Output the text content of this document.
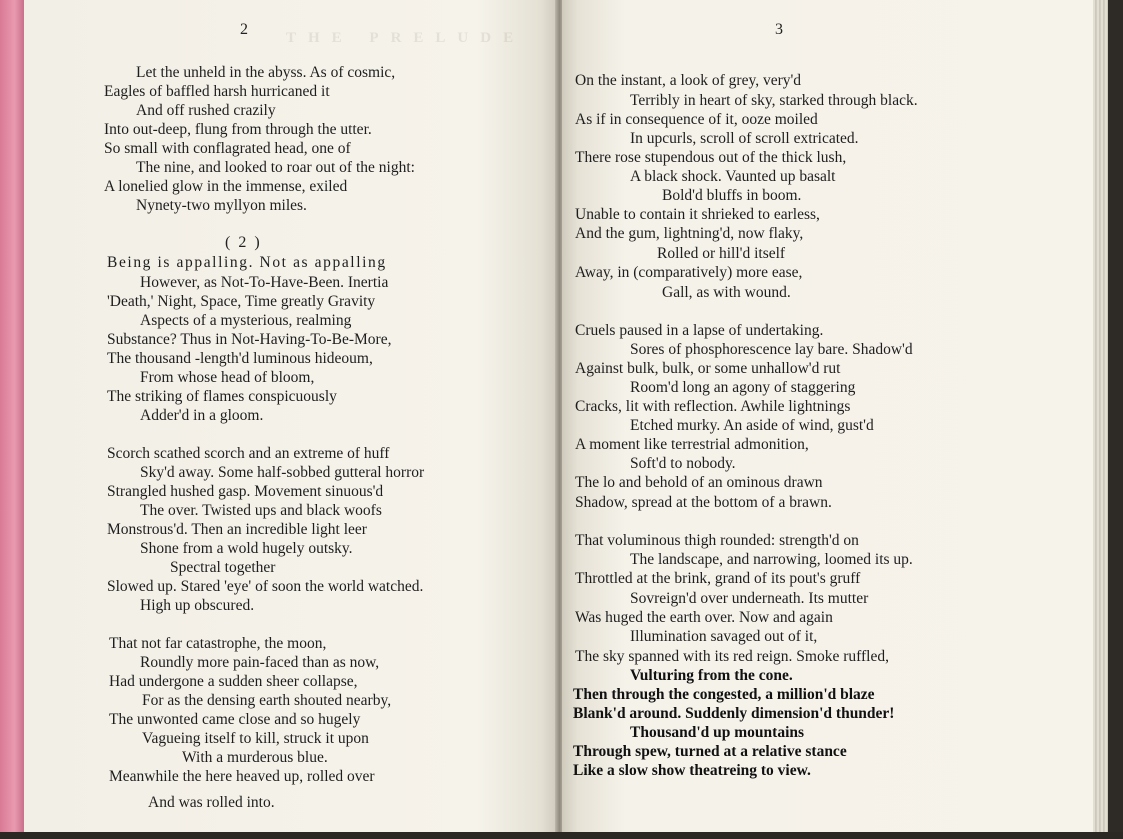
THE PRELUDE
2
Let the unheld in the abyss. As of cosmic,
Eagles of baffled harsh hurricaned it
And off rushed crazily
Into out-deep, flung from through the utter.
So small with conflagrated head, one of
The nine, and looked to roar out of the night:
A lonelied glow in the immense, exiled
Nynety-two myllyon miles.
( 2 )
Being is appalling. Not as appalling
However, as Not-To-Have-Been. Inertia
'Death,' Night, Space, Time greatly Gravity
Aspects of a mysterious, realming
Substance? Thus in Not-Having-To-Be-More,
The thousand -length'd luminous hideoum,
From whose head of bloom,
The striking of flames conspicuously
Adder'd in a gloom.
Scorch scathed scorch and an extreme of huff
Sky'd away. Some half-sobbed gutteral horror
Strangled hushed gasp. Movement sinuous'd
The over. Twisted ups and black woofs
Monstrous'd. Then an incredible light leer
Shone from a wold hugely outsky.
Spectral together
Slowed up. Stared 'eye' of soon the world watched.
High up obscured.
That not far catastrophe, the moon,
Roundly more pain-faced than as now,
Had undergone a sudden sheer collapse,
For as the densing earth shouted nearby,
The unwonted came close and so hugely
Vagueing itself to kill, struck it upon
With a murderous blue.
Meanwhile the here heaved up, rolled over
And was rolled into.
3
On the instant, a look of grey, very'd
Terribly in heart of sky, starked through black.
As if in consequence of it, ooze moiled
In upcurls, scroll of scroll extricated.
There rose stupendous out of the thick lush,
A black shock. Vaunted up basalt
Bold'd bluffs in boom.
Unable to contain it shrieked to earless,
And the gum, lightning'd, now flaky,
Rolled or hill'd itself
Away, in (comparatively) more ease,
Gall, as with wound.
Cruels paused in a lapse of undertaking.
Sores of phosphorescence lay bare. Shadow'd
Against bulk, bulk, or some unhallow'd rut
Room'd long an agony of staggering
Cracks, lit with reflection. Awhile lightnings
Etched murky. An aside of wind, gust'd
A moment like terrestrial admonition,
Soft'd to nobody.
The lo and behold of an ominous drawn
Shadow, spread at the bottom of a brawn.
That voluminous thigh rounded: strength'd on
The landscape, and narrowing, loomed its up.
Throttled at the brink, grand of its pout's gruff
Sovreign'd over underneath. Its mutter
Was huged the earth over. Now and again
Illumination savaged out of it,
The sky spanned with its red reign. Smoke ruffled,
Vulturing from the cone.
Then through the congested, a million'd blaze
Blank'd around. Suddenly dimension'd thunder!
Thousand'd up mountains
Through spew, turned at a relative stance
Like a slow show theatreing to view.
